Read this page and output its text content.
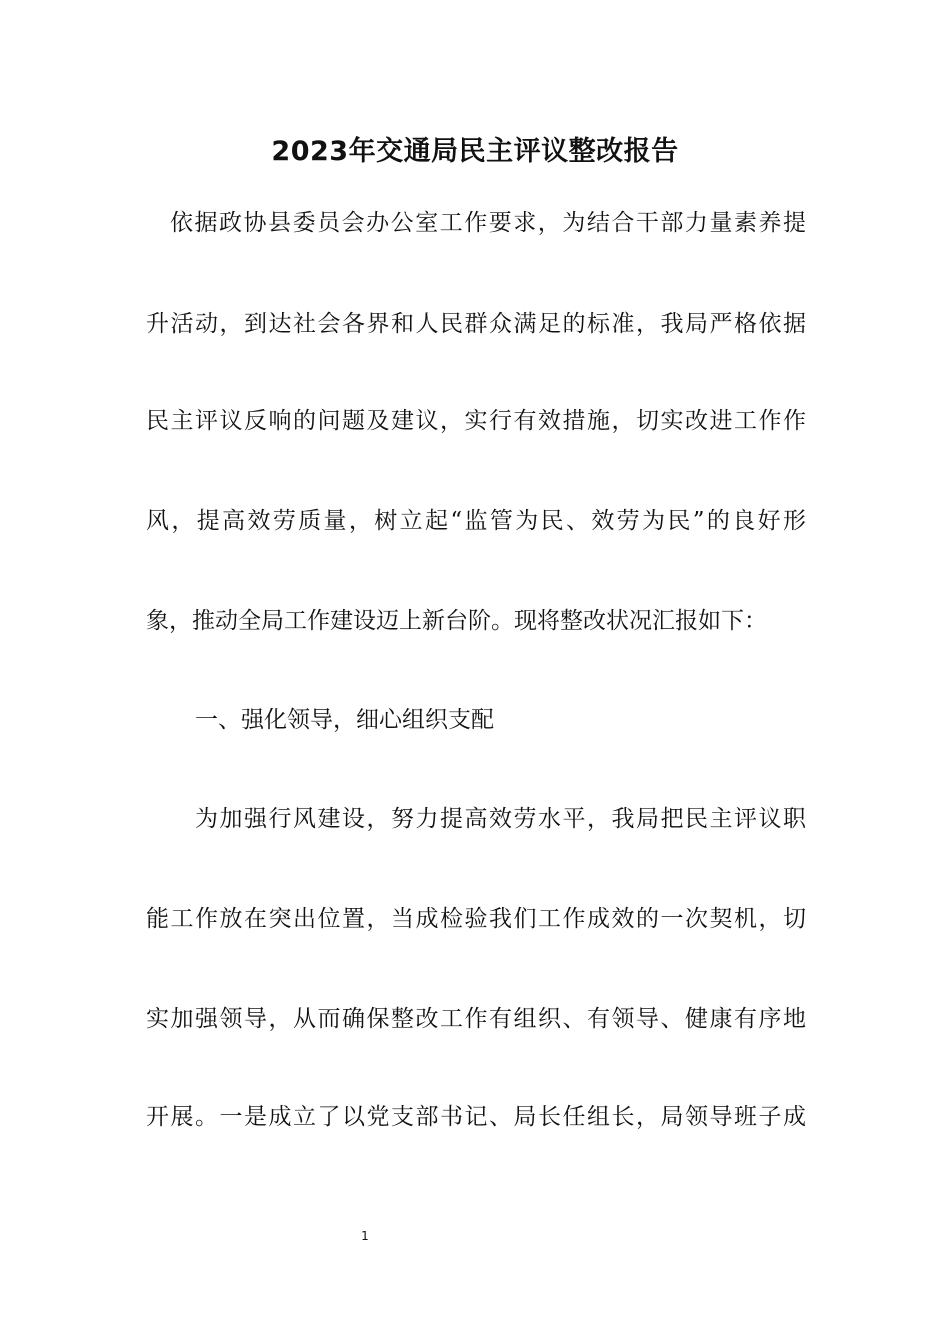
2023年交通局民主评议整改报告
依据政协县委员会办公室工作要求，为结合干部力量素养提
升活动，到达社会各界和人民群众满足的标准，我局严格依据
民主评议反响的问题及建议，实行有效措施，切实改进工作作
风，提高效劳质量，树立起“监管为民、效劳为民”的良好形
象，推动全局工作建设迈上新台阶。现将整改状况汇报如下：
一、强化领导，细心组织支配
为加强行风建设，努力提高效劳水平，我局把民主评议职
能工作放在突出位置，当成检验我们工作成效的一次契机，切
实加强领导，从而确保整改工作有组织、有领导、健康有序地
开展。一是成立了以党支部书记、局长任组长，局领导班子成
1
